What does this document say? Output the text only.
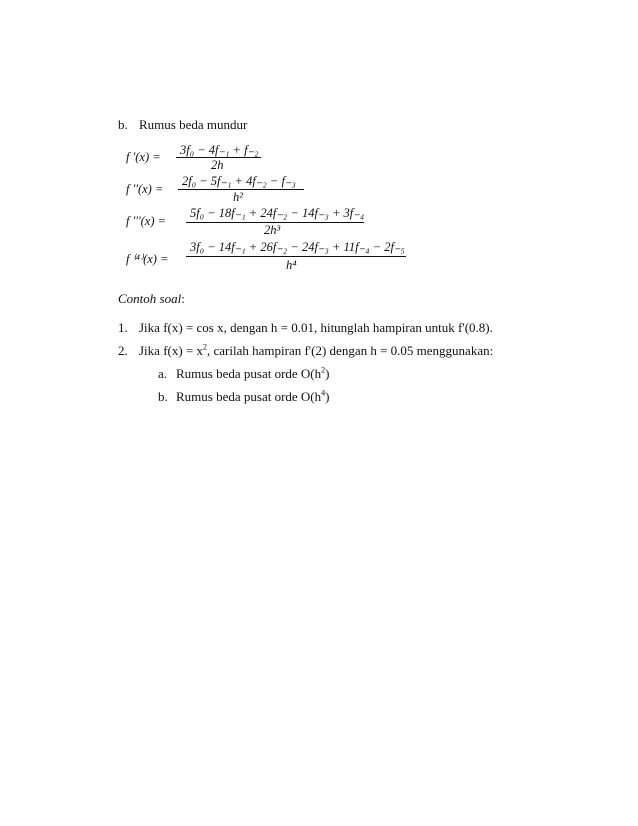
b. Rumus beda mundur
f '(x) = 3f₀ − 4f₋₁ + f₋₂
2h
f ''(x) =
2f₀ − 5f₋₁ + 4f₋₂ − f₋₃
h²
f '''(x) =
5f₀ − 18f₋₁ + 24f₋₂ − 14f₋₃ + 3f₋₄
2h³
f ⁽⁴⁾(x) =
3f₀ − 14f₋₁ + 26f₋₂ − 24f₋₃ + 11f₋₄ − 2f₋₅
h⁴
Contoh soal:
1. Jika f(x) = cos x, dengan h = 0.01, hitunglah hampiran untuk f'(0.8).
2. Jika $f(x) = x^2$, carilah hampiran f'(2) dengan h = 0.05 menggunakan:
a. Rumus beda pusat orde $O(h^2)$
b. Rumus beda pusat orde $O(h^4)$
